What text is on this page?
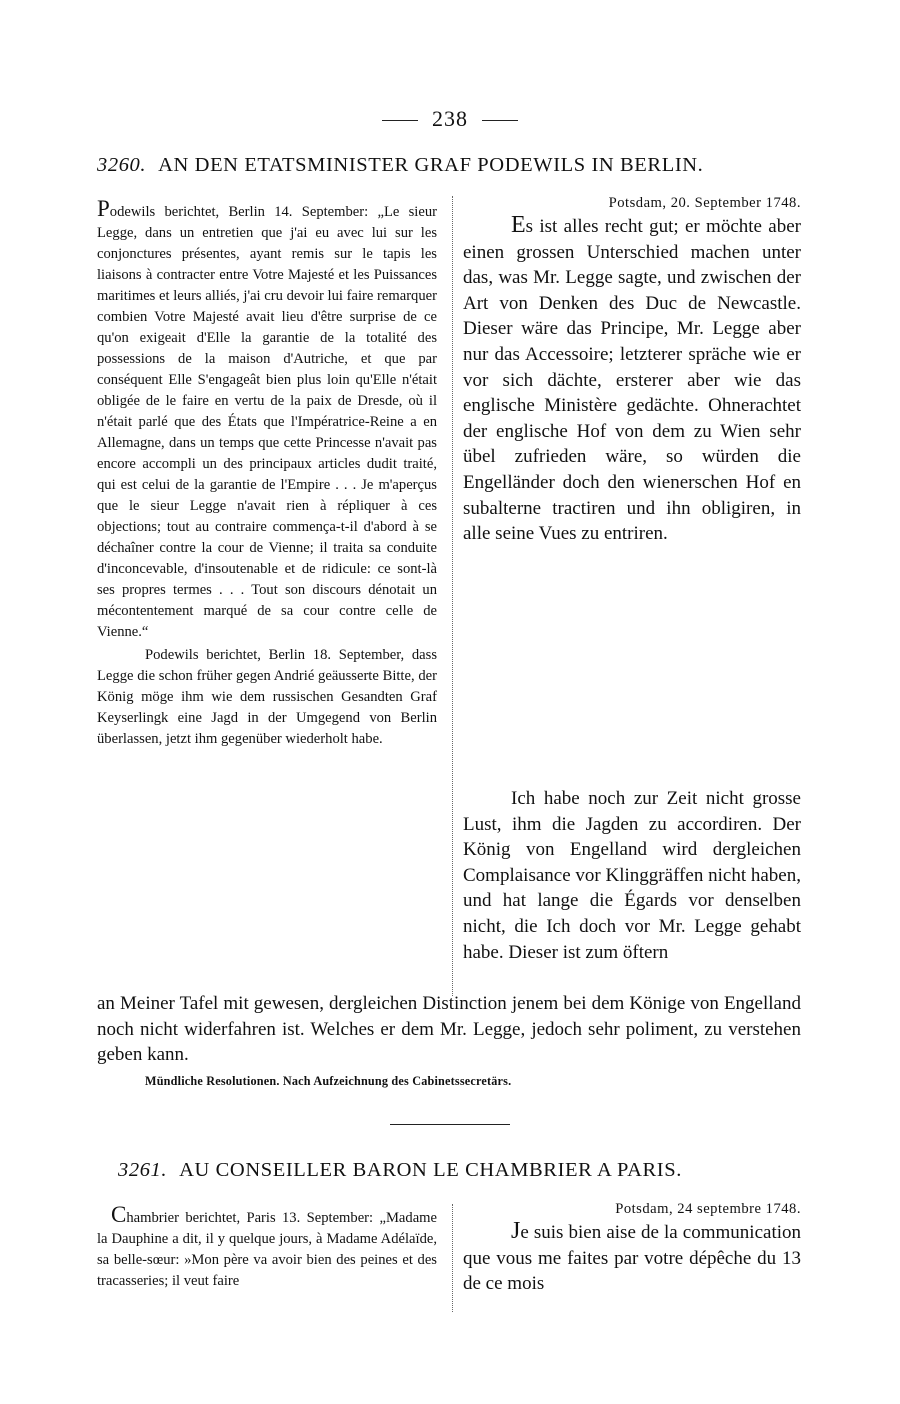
238
3260. AN DEN ETATSMINISTER GRAF PODEWILS IN BERLIN.

Podewils berichtet, Berlin 14. September: „Le sieur Legge, dans un entretien que j'ai eu avec lui sur les conjonctures présentes, ayant remis sur le tapis les liaisons à contracter entre Votre Majesté et les Puissances maritimes et leurs alliés, j'ai cru devoir lui faire remarquer combien Votre Majesté avait lieu d'être surprise de ce qu'on exigeait d'Elle la garantie de la totalité des possessions de la maison d'Autriche, et que par conséquent Elle S'engageât bien plus loin qu'Elle n'était obligée de le faire en vertu de la paix de Dresde, où il n'était parlé que des États que l'Impératrice-Reine a en Allemagne, dans un temps que cette Princesse n'avait pas encore accompli un des principaux articles dudit traité, qui est celui de la garantie de l'Empire . . . Je m'aperçus que le sieur Legge n'avait rien à répliquer à ces objections; tout au contraire commença-t-il d'abord à se déchaîner contre la cour de Vienne; il traita sa conduite d'inconcevable, d'insoutenable et de ridicule: ce sont-là ses propres termes . . . Tout son discours dénotait un mécontentement marqué de sa cour contre celle de Vienne.“

Podewils berichtet, Berlin 18. September, dass Legge die schon früher gegen Andrié geäusserte Bitte, der König möge ihm wie dem russischen Gesandten Graf Keyserlingk eine Jagd in der Umgegend von Berlin überlassen, jetzt ihm gegenüber wiederholt habe.

Potsdam, 20. September 1748.

Es ist alles recht gut; er möchte aber einen grossen Unterschied machen unter das, was Mr. Legge sagte, und zwischen der Art von Denken des Duc de Newcastle. Dieser wäre das Principe, Mr. Legge aber nur das Accessoire; letzterer spräche wie er vor sich dächte, ersterer aber wie das englische Ministère gedächte. Ohnerachtet der englische Hof von dem zu Wien sehr übel zufrieden wäre, so würden die Engelländer doch den wienerschen Hof en subalterne tractiren und ihn obligiren, in alle seine Vues zu entriren.

Ich habe noch zur Zeit nicht grosse Lust, ihm die Jagden zu accordiren. Der König von Engelland wird dergleichen Complaisance vor Klinggräffen nicht haben, und hat lange die Égards vor denselben nicht, die Ich doch vor Mr. Legge gehabt habe. Dieser ist zum öftern

an Meiner Tafel mit gewesen, dergleichen Distinction jenem bei dem Könige von Engelland noch nicht widerfahren ist. Welches er dem Mr. Legge, jedoch sehr poliment, zu verstehen geben kann.
Mündliche Resolutionen. Nach Aufzeichnung des Cabinetssecretärs.
3261. AU CONSEILLER BARON LE CHAMBRIER A PARIS.

Chambrier berichtet, Paris 13. September: „Madame la Dauphine a dit, il y quelque jours, à Madame Adélaïde, sa belle-sœur: »Mon père va avoir bien des peines et des tracasseries; il veut faire

Potsdam, 24 septembre 1748.

Je suis bien aise de la communication que vous me faites par votre dépêche du 13 de ce mois
